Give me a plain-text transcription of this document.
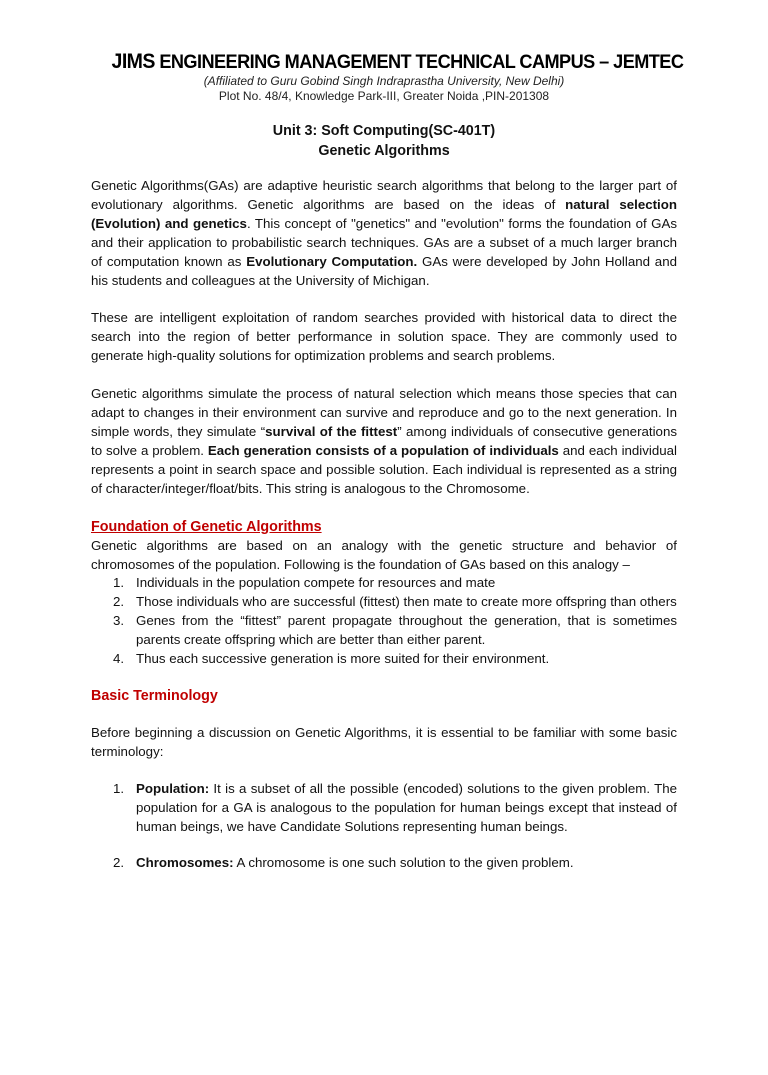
JIMS ENGINEERING MANAGEMENT TECHNICAL CAMPUS – JEMTEC
(Affiliated to Guru Gobind Singh Indraprastha University, New Delhi)
Plot No. 48/4, Knowledge Park-III, Greater Noida ,PIN-201308
Unit 3: Soft Computing(SC-401T)
Genetic Algorithms

Genetic Algorithms(GAs) are adaptive heuristic search algorithms that belong to the larger part of evolutionary algorithms. Genetic algorithms are based on the ideas of natural selection (Evolution) and genetics. This concept of "genetics" and "evolution" forms the foundation of GAs and their application to probabilistic search techniques. GAs are a subset of a much larger branch of computation known as Evolutionary Computation. GAs were developed by John Holland and his students and colleagues at the University of Michigan.

These are intelligent exploitation of random searches provided with historical data to direct the search into the region of better performance in solution space. They are commonly used to generate high-quality solutions for optimization problems and search problems.

Genetic algorithms simulate the process of natural selection which means those species that can adapt to changes in their environment can survive and reproduce and go to the next generation. In simple words, they simulate “survival of the fittest” among individuals of consecutive generations to solve a problem. Each generation consists of a population of individuals and each individual represents a point in search space and possible solution. Each individual is represented as a string of character/integer/float/bits. This string is analogous to the Chromosome.

Foundation of Genetic Algorithms

Genetic algorithms are based on an analogy with the genetic structure and behavior of chromosomes of the population. Following is the foundation of GAs based on this analogy –

1. Individuals in the population compete for resources and mate
2. Those individuals who are successful (fittest) then mate to create more offspring than others
3. Genes from the “fittest” parent propagate throughout the generation, that is sometimes parents create offspring which are better than either parent.
4. Thus each successive generation is more suited for their environment.
Basic Terminology

Before beginning a discussion on Genetic Algorithms, it is essential to be familiar with some basic terminology:

1. Population: It is a subset of all the possible (encoded) solutions to the given problem. The population for a GA is analogous to the population for human beings except that instead of human beings, we have Candidate Solutions representing human beings.
2. Chromosomes: A chromosome is one such solution to the given problem.
